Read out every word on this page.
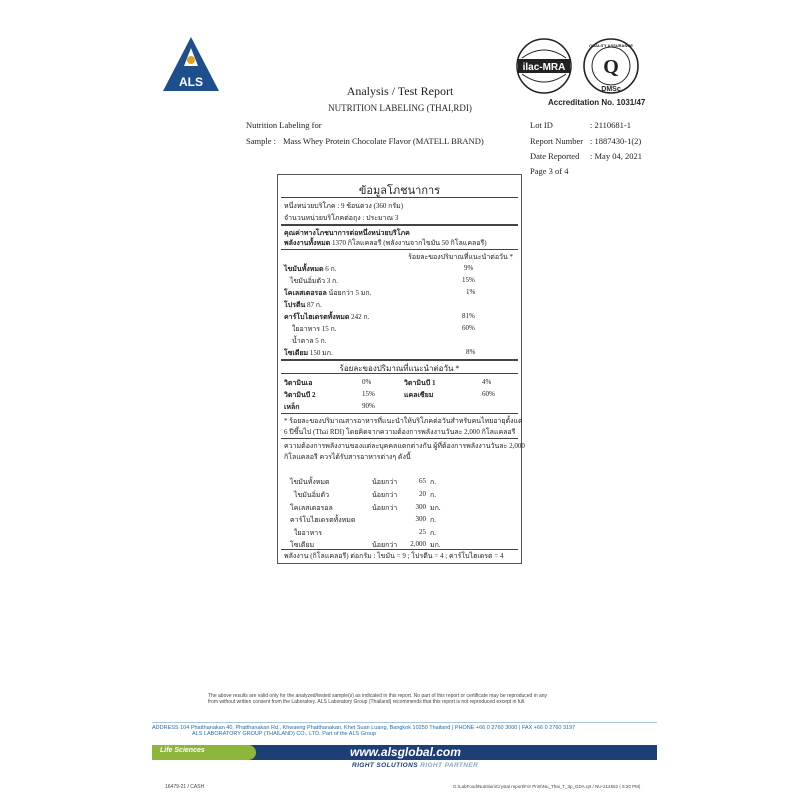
ALS
Analysis / Test Report
NUTRITION LABELING (THAI,RDI)
ilac-MRA
QUALITY ASSURANCE
Q
DMSc
Accreditation No. 1031/47
Nutrition Labeling for
Sample : Mass Whey Protein Chocolate Flavor (MATELL BRAND)
Lot ID	: 2110681-1
Report Number : 1887430-1(2)
Date Reported : May 04, 2021
Page 3 of 4
ข้อมูลโภชนาการ
หนึ่งหน่วยบริโภค : 9 ช้อนตวง (360 กรัม)
จำนวนหน่วยบริโภคต่อถุง : ประมาณ 3
คุณค่าทางโภชนาการต่อหนึ่งหน่วยบริโภค
พลังงานทั้งหมด 1370 กิโลแคลอรี (พลังงานจากไขมัน 50 กิโลแคลอรี)
ร้อยละของปริมาณที่แนะนำต่อวัน *
ไขมันทั้งหมด 6 ก.	9%
ไขมันอิ่มตัว 3 ก.	15%
โคเลสเตอรอล น้อยกว่า 5 มก.	1%
โปรตีน 87 ก.
คาร์โบไฮเดรตทั้งหมด 242 ก.	81%
ใยอาหาร 15 ก.	60%
น้ำตาล 5 ก.
โซเดียม 150 มก.	8%
ร้อยละของปริมาณที่แนะนำต่อวัน *
วิตามินเอ	0%	วิตามินบี 1	4%
วิตามินบี 2	15%	แคลเซียม	60%
เหล็ก	90%
* ร้อยละของปริมาณสารอาหารที่แนะนำให้บริโภคต่อวันสำหรับคนไทยอายุตั้งแต่
6 ปีขึ้นไป (Thai RDI) โดยคิดจากความต้องการพลังงานวันละ 2,000 กิโลแคลอรี
ความต้องการพลังงานของแต่ละบุคคลแตกต่างกัน ผู้ที่ต้องการพลังงานวันละ 2,000
กิโลแคลอรี ควรได้รับสารอาหารต่างๆ ดังนี้
ไขมันทั้งหมด	น้อยกว่า	65 ก.
ไขมันอิ่มตัว	น้อยกว่า	20 ก.
โคเลสเตอรอล	น้อยกว่า	300 มก.
คาร์โบไฮเดรตทั้งหมด	300 ก.
ใยอาหาร	25 ก.
โซเดียม	น้อยกว่า	2,000 มก.
พลังงาน (กิโลแคลอรี) ต่อกรัม : ไขมัน = 9 ; โปรตีน = 4 ; คาร์โบไฮเดรต = 4
The above results are valid only for the analyzed/tested sample(s) as indicated in this report. No part of this report or certificate may be reproduced in any
from without written consent from the Laboratory. ALS Laboratory Group (Thailand) recommends that this report is not reproduced except in full.
ADDRESS 104 Phatthanakan 40, Phatthanakan Rd., Khwaeng Phatthanakan, Khet Suan Luang, Bangkok 10250 Thailand | PHONE +66 0 2760 3000 | FAX +66 0 2760 3197
ALS LABORATORY GROUP (THAILAND) CO., LTD. Part of the ALS Group
Life Sciences	www.alsglobal.com
RIGHT SOLUTIONS RIGHT PARTNER
16479-21 / CASH	G:\LabFood\Nutrition\Crystal report\For Print\Nu_Thai_T_3p_GDA.rpt / NU-214552 ( 5:20 PM)
